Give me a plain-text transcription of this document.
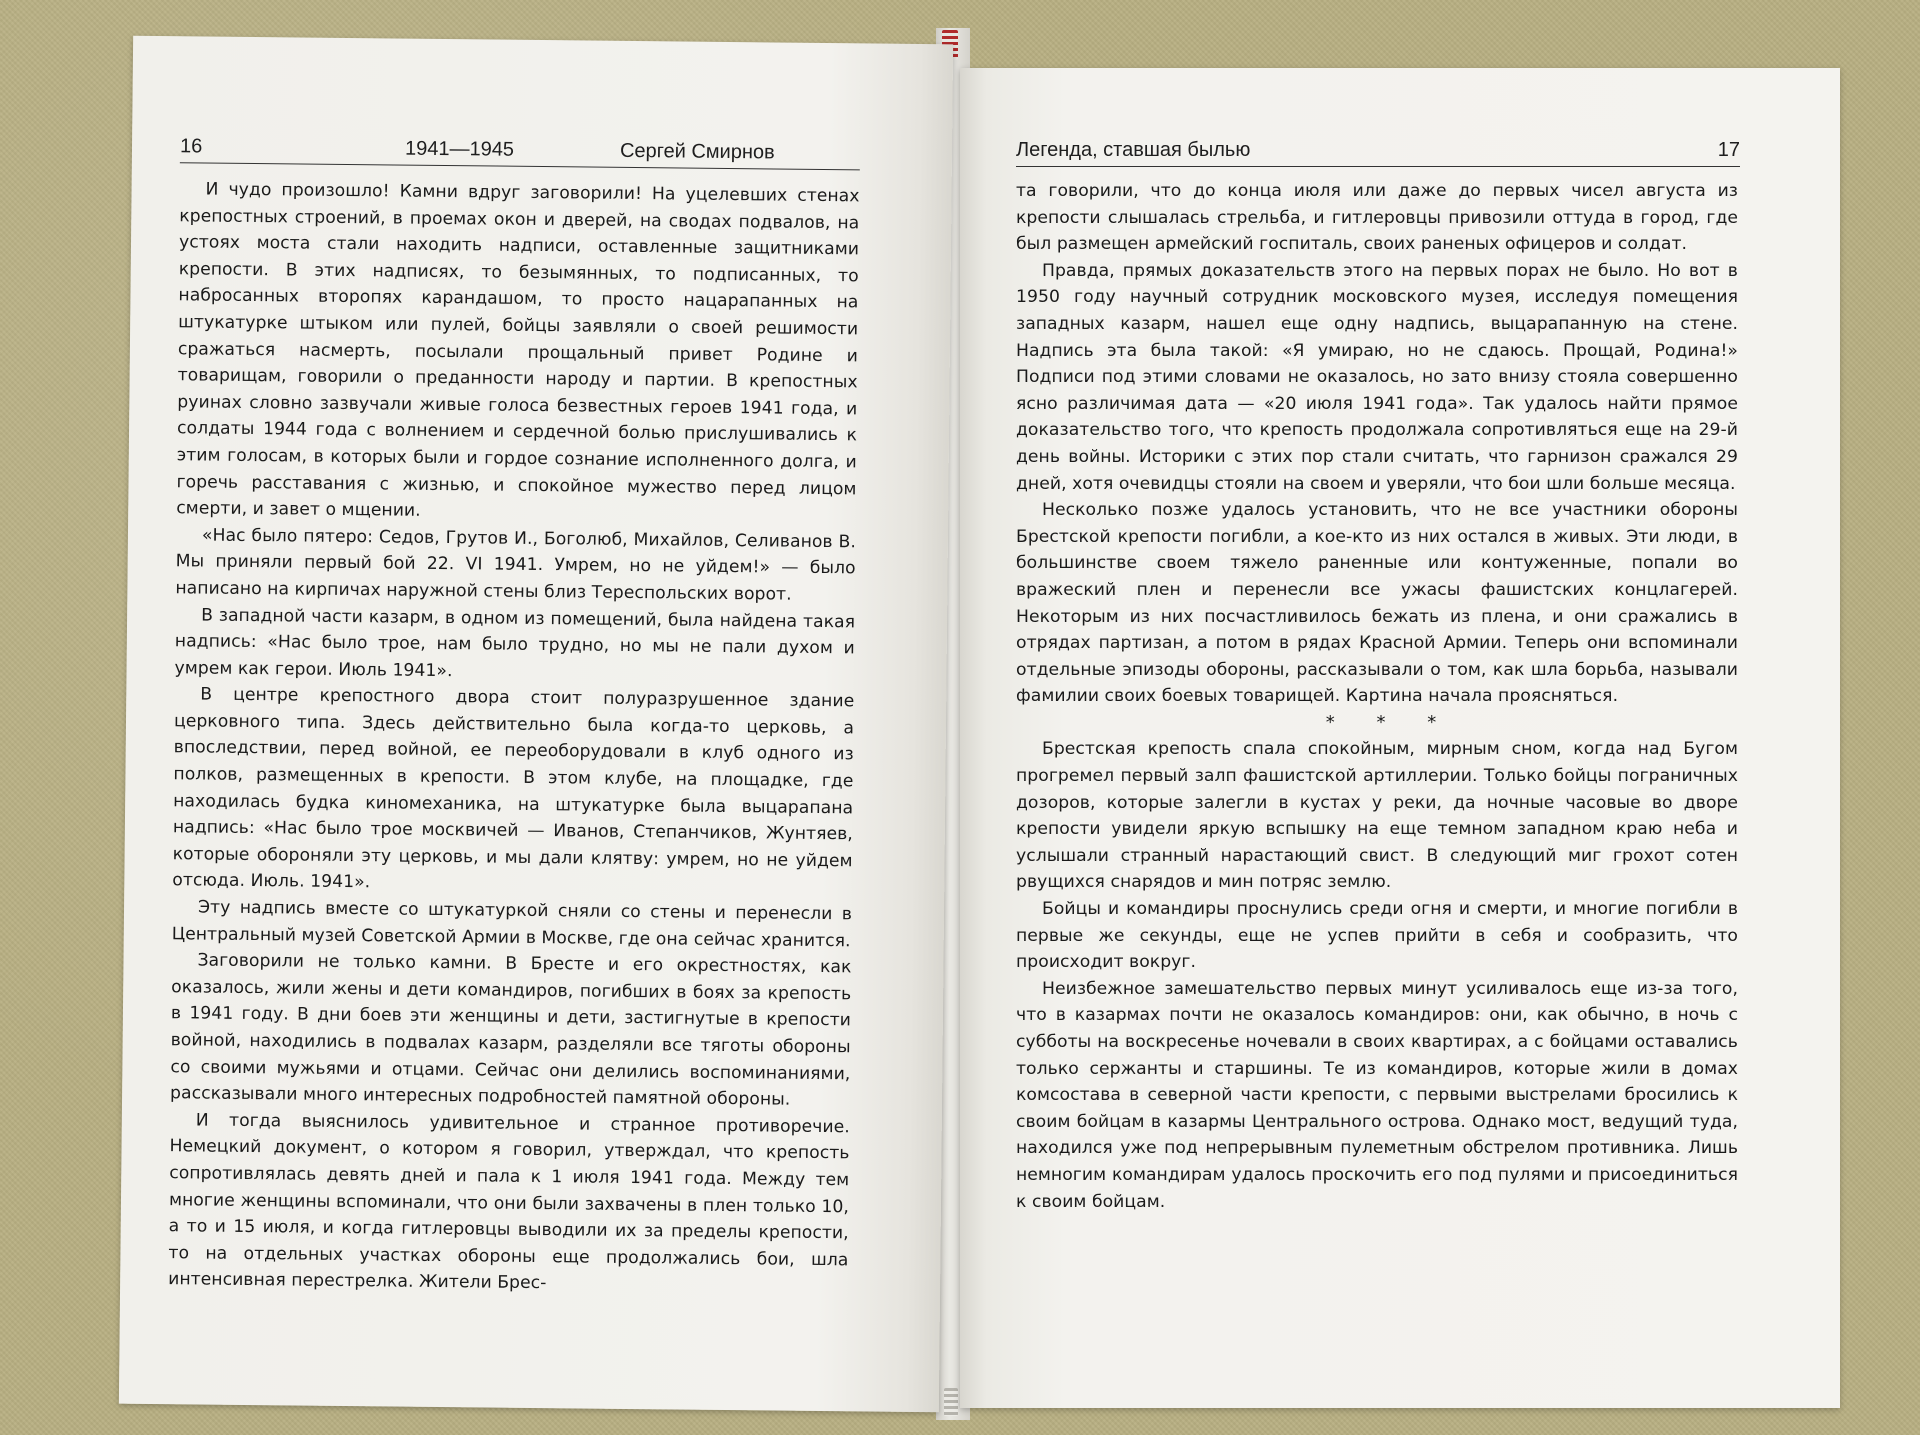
16	1941—1945	Сергей Смирнов

И чудо произошло! Камни вдруг заговорили! На уцелевших стенах крепостных строений, в проемах окон и дверей, на сводах подвалов, на устоях моста стали находить надписи, оставленные защитниками крепости. В этих надписях, то безымянных, то подписанных, то набросанных второпях карандашом, то просто нацарапанных на штукатурке штыком или пулей, бойцы заявляли о своей решимости сражаться насмерть, посылали прощальный привет Родине и товарищам, говорили о преданности народу и партии. В крепостных руинах словно зазвучали живые голоса безвестных героев 1941 года, и солдаты 1944 года с волнением и сердечной болью прислушивались к этим голосам, в которых были и гордое сознание исполненного долга, и горечь расставания с жизнью, и спокойное мужество перед лицом смерти, и завет о мщении.

«Нас было пятеро: Седов, Грутов И., Боголюб, Михайлов, Селиванов В. Мы приняли первый бой 22. VI 1941. Умрем, но не уйдем!» — было написано на кирпичах наружной стены близ Тереспольских ворот.

В западной части казарм, в одном из помещений, была найдена такая надпись: «Нас было трое, нам было трудно, но мы не пали духом и умрем как герои. Июль 1941».

В центре крепостного двора стоит полуразрушенное здание церковного типа. Здесь действительно была когда-то церковь, а впоследствии, перед войной, ее переоборудовали в клуб одного из полков, размещенных в крепости. В этом клубе, на площадке, где находилась будка киномеханика, на штукатурке была выцарапана надпись: «Нас было трое москвичей — Иванов, Степанчиков, Жунтяев, которые обороняли эту церковь, и мы дали клятву: умрем, но не уйдем отсюда. Июль. 1941».

Эту надпись вместе со штукатуркой сняли со стены и перенесли в Центральный музей Советской Армии в Москве, где она сейчас хранится.

Заговорили не только камни. В Бресте и его окрестностях, как оказалось, жили жены и дети командиров, погибших в боях за крепость в 1941 году. В дни боев эти женщины и дети, застигнутые в крепости войной, находились в подвалах казарм, разделяли все тяготы обороны со своими мужьями и отцами. Сейчас они делились воспоминаниями, рассказывали много интересных подробностей памятной обороны.

И тогда выяснилось удивительное и странное противоречие. Немецкий документ, о котором я говорил, утверждал, что крепость сопротивлялась девять дней и пала к 1 июля 1941 года. Между тем многие женщины вспоминали, что они были захвачены в плен только 10, а то и 15 июля, и когда гитлеровцы выводили их за пределы крепости, то на отдельных участках обороны еще продолжались бои, шла интенсивная перестрелка. Жители Брес-

Легенда, ставшая былью	17

та говорили, что до конца июля или даже до первых чисел августа из крепости слышалась стрельба, и гитлеровцы привозили оттуда в город, где был размещен армейский госпиталь, своих раненых офицеров и солдат.

Правда, прямых доказательств этого на первых порах не было. Но вот в 1950 году научный сотрудник московского музея, исследуя помещения западных казарм, нашел еще одну надпись, выцарапанную на стене. Надпись эта была такой: «Я умираю, но не сдаюсь. Прощай, Родина!» Подписи под этими словами не оказалось, но зато внизу стояла совершенно ясно различимая дата — «20 июля 1941 года». Так удалось найти прямое доказательство того, что крепость продолжала сопротивляться еще на 29-й день войны. Историки с этих пор стали считать, что гарнизон сражался 29 дней, хотя очевидцы стояли на своем и уверяли, что бои шли больше месяца.

Несколько позже удалось установить, что не все участники обороны Брестской крепости погибли, а кое-кто из них остался в живых. Эти люди, в большинстве своем тяжело раненные или контуженные, попали во вражеский плен и перенесли все ужасы фашистских концлагерей. Некоторым из них посчастливилось бежать из плена, и они сражались в отрядах партизан, а потом в рядах Красной Армии. Теперь они вспоминали отдельные эпизоды обороны, рассказывали о том, как шла борьба, называли фамилии своих боевых товарищей. Картина начала проясняться.

* * *

Брестская крепость спала спокойным, мирным сном, когда над Бугом прогремел первый залп фашистской артиллерии. Только бойцы пограничных дозоров, которые залегли в кустах у реки, да ночные часовые во дворе крепости увидели яркую вспышку на еще темном западном краю неба и услышали странный нарастающий свист. В следующий миг грохот сотен рвущихся снарядов и мин потряс землю.

Бойцы и командиры проснулись среди огня и смерти, и многие погибли в первые же секунды, еще не успев прийти в себя и сообразить, что происходит вокруг.

Неизбежное замешательство первых минут усиливалось еще из-за того, что в казармах почти не оказалось командиров: они, как обычно, в ночь с субботы на воскресенье ночевали в своих квартирах, а с бойцами оставались только сержанты и старшины. Те из командиров, которые жили в домах комсостава в северной части крепости, с первыми выстрелами бросились к своим бойцам в казармы Центрального острова. Однако мост, ведущий туда, находился уже под непрерывным пулеметным обстрелом противника. Лишь немногим командирам удалось проскочить его под пулями и присоединиться к своим бойцам.
